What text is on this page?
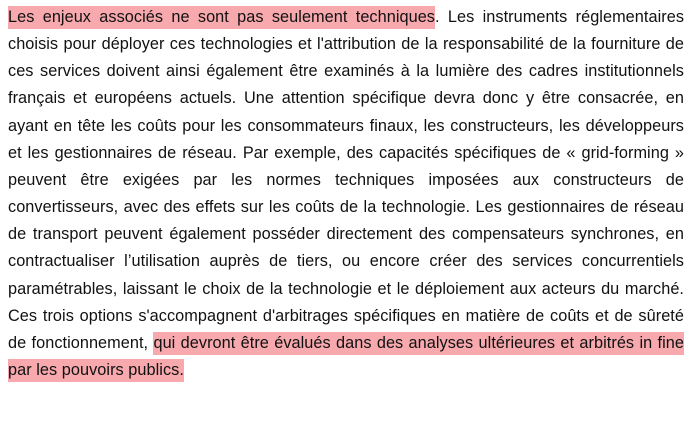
Les enjeux associés ne sont pas seulement techniques. Les instruments réglementaires choisis pour déployer ces technologies et l'attribution de la responsabilité de la fourniture de ces services doivent ainsi également être examinés à la lumière des cadres institutionnels français et européens actuels. Une attention spécifique devra donc y être consacrée, en ayant en tête les coûts pour les consommateurs finaux, les constructeurs, les développeurs et les gestionnaires de réseau. Par exemple, des capacités spécifiques de « grid-forming » peuvent être exigées par les normes techniques imposées aux constructeurs de convertisseurs, avec des effets sur les coûts de la technologie. Les gestionnaires de réseau de transport peuvent également posséder directement des compensateurs synchrones, en contractualiser l’utilisation auprès de tiers, ou encore créer des services concurrentiels paramétrables, laissant le choix de la technologie et le déploiement aux acteurs du marché. Ces trois options s'accompagnent d'arbitrages spécifiques en matière de coûts et de sûreté de fonctionnement, qui devront être évalués dans des analyses ultérieures et arbitrés in fine par les pouvoirs publics.
